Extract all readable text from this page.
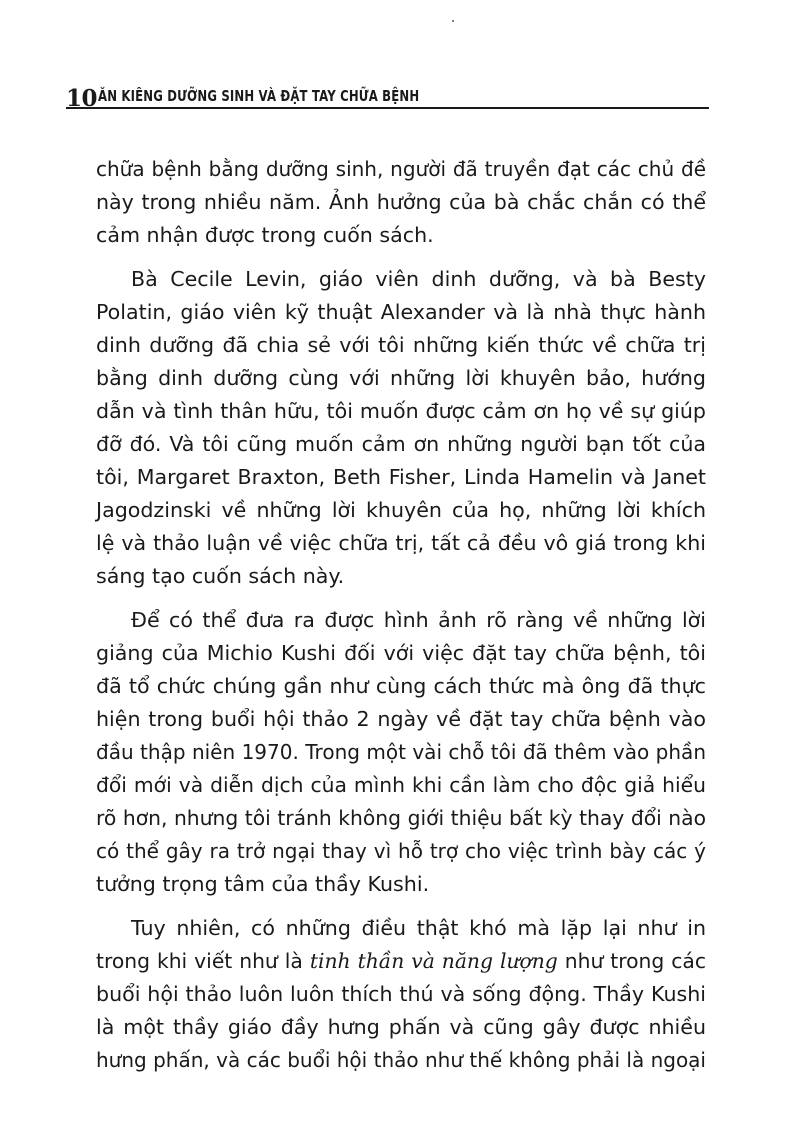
10 ĂN KIÊNG DƯỠNG SINH VÀ ĐẶT TAY CHỮA BỆNH
chữa bệnh bằng dưỡng sinh, người đã truyền đạt các chủ đề
này trong nhiều năm. Ảnh hưởng của bà chắc chắn có thể
cảm nhận được trong cuốn sách.
Bà Cecile Levin, giáo viên dinh dưỡng, và bà Besty
Polatin, giáo viên kỹ thuật Alexander và là nhà thực hành
dinh dưỡng đã chia sẻ với tôi những kiến thức về chữa trị
bằng dinh dưỡng cùng với những lời khuyên bảo, hướng
dẫn và tình thân hữu, tôi muốn được cảm ơn họ về sự giúp
đỡ đó. Và tôi cũng muốn cảm ơn những người bạn tốt của
tôi, Margaret Braxton, Beth Fisher, Linda Hamelin và Janet
Jagodzinski về những lời khuyên của họ, những lời khích
lệ và thảo luận về việc chữa trị, tất cả đều vô giá trong khi
sáng tạo cuốn sách này.
Để có thể đưa ra được hình ảnh rõ ràng về những lời
giảng của Michio Kushi đối với việc đặt tay chữa bệnh, tôi
đã tổ chức chúng gần như cùng cách thức mà ông đã thực
hiện trong buổi hội thảo 2 ngày về đặt tay chữa bệnh vào
đầu thập niên 1970. Trong một vài chỗ tôi đã thêm vào phần
đổi mới và diễn dịch của mình khi cần làm cho độc giả hiểu
rõ hơn, nhưng tôi tránh không giới thiệu bất kỳ thay đổi nào
có thể gây ra trở ngại thay vì hỗ trợ cho việc trình bày các ý
tưởng trọng tâm của thầy Kushi.
Tuy nhiên, có những điều thật khó mà lặp lại như in
trong khi viết như là tinh thần và năng lượng như trong các
buổi hội thảo luôn luôn thích thú và sống động. Thầy Kushi
là một thầy giáo đầy hưng phấn và cũng gây được nhiều
hưng phấn, và các buổi hội thảo như thế không phải là ngoại
